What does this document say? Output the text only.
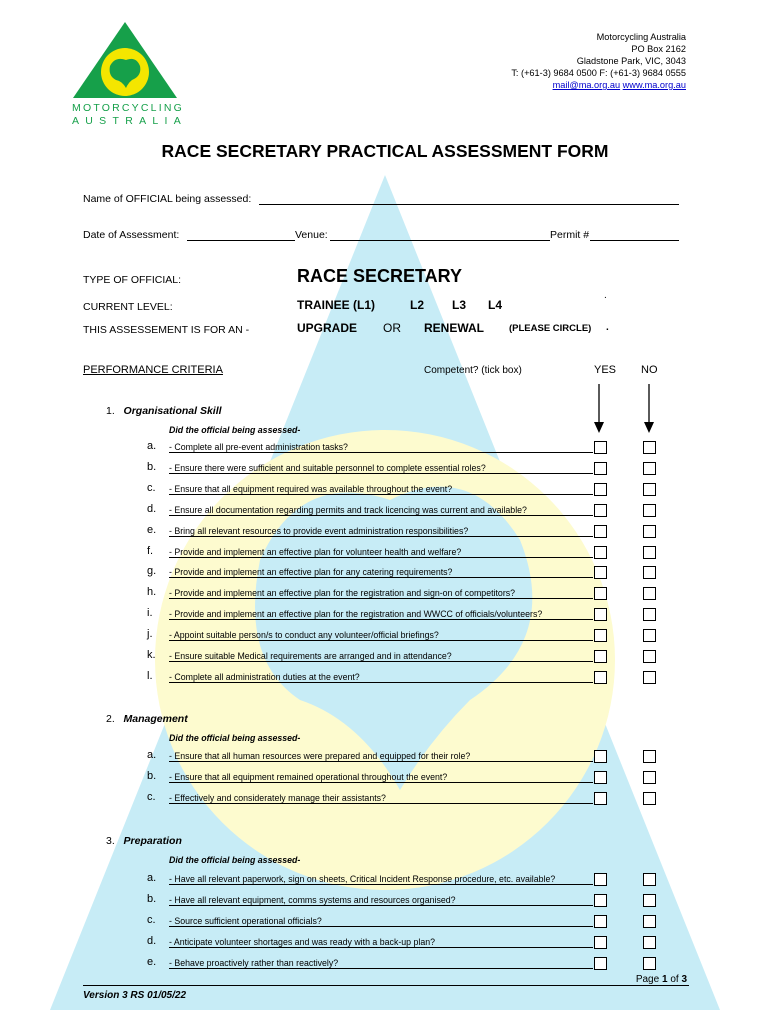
MOTORCYCLING
AUSTRALIA
Motorcycling Australia
PO Box 2162
Gladstone Park, VIC, 3043
T: (+61-3) 9684 0500 F: (+61-3) 9684 0555
mail@ma.org.au www.ma.org.au
RACE SECRETARY PRACTICAL ASSESSMENT FORM
Name of OFFICIAL being assessed:
Date of Assessment:	Venue:	Permit #
TYPE OF OFFICIAL:	RACE SECRETARY
CURRENT LEVEL:	TRAINEE (L1)	L2 L3 L4
.
THIS ASSESSEMENT IS FOR AN -	UPGRADE OR RENEWAL	(PLEASE CIRCLE) .
PERFORMANCE CRITERIA	Competent? (tick box)	YES NO
1. Organisational Skill
Did the official being assessed-
a. - Complete all pre-event administration tasks?
b. - Ensure there were sufficient and suitable personnel to complete essential roles?
c. - Ensure that all equipment required was available throughout the event?
d. - Ensure all documentation regarding permits and track licencing was current and available?
e. - Bring all relevant resources to provide event administration responsibilities?
f. - Provide and implement an effective plan for volunteer health and welfare?
g. - Provide and implement an effective plan for any catering requirements?
h. - Provide and implement an effective plan for the registration and sign-on of competitors?
i. - Provide and implement an effective plan for the registration and WWCC of officials/volunteers?
j. - Appoint suitable person/s to conduct any volunteer/official briefings?
k. - Ensure suitable Medical requirements are arranged and in attendance?
l. - Complete all administration duties at the event?
2. Management
Did the official being assessed-
a. - Ensure that all human resources were prepared and equipped for their role?
b. - Ensure that all equipment remained operational throughout the event?
c. - Effectively and considerately manage their assistants?
3. Preparation
Did the official being assessed-
a. - Have all relevant paperwork, sign on sheets, Critical Incident Response procedure, etc. available?
b. - Have all relevant equipment, comms systems and resources organised?
c. - Source sufficient operational officials?
d. - Anticipate volunteer shortages and was ready with a back-up plan?
e. - Behave proactively rather than reactively?
Page 1 of 3
Version 3 RS 01/05/22
